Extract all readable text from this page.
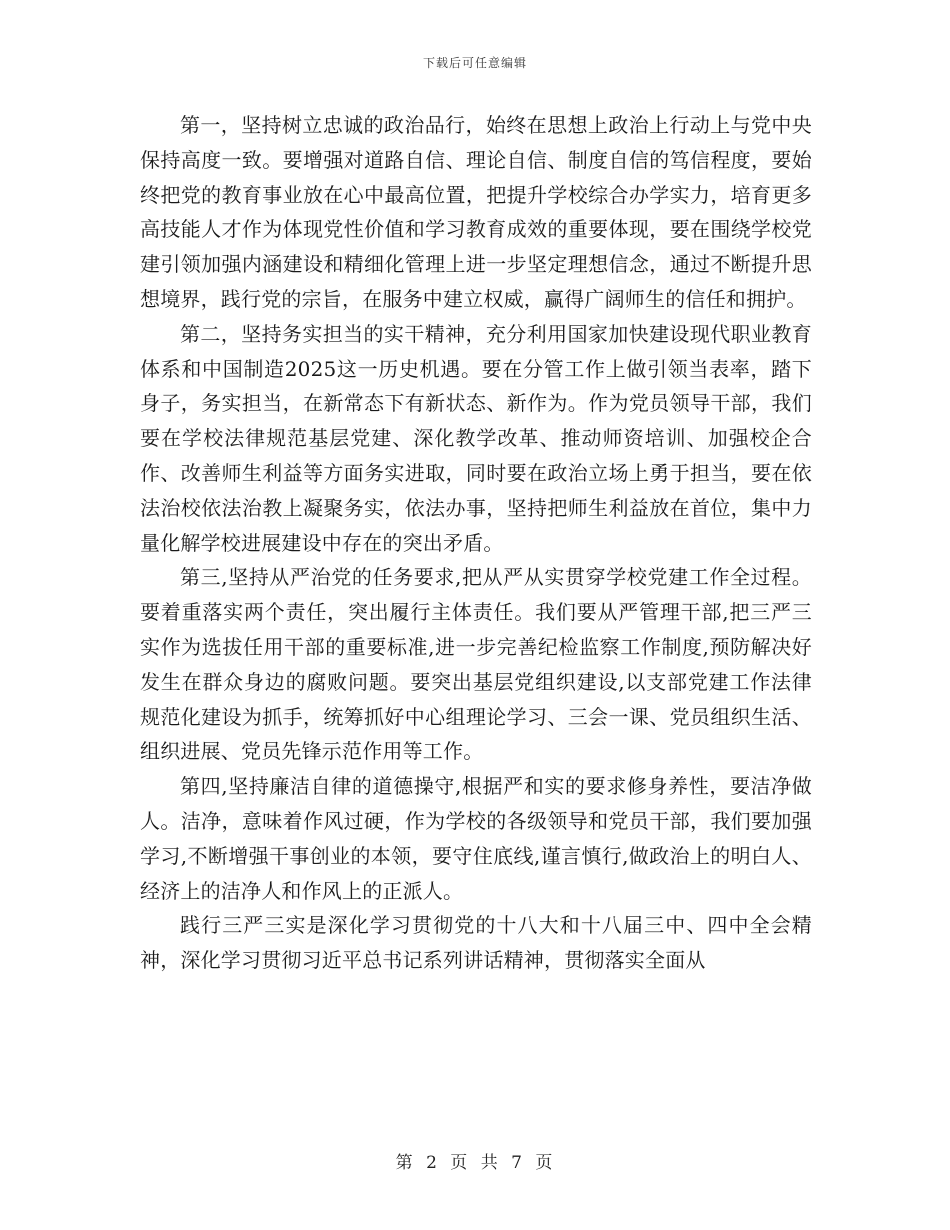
下载后可任意编辑

第一，坚持树立忠诚的政治品行，始终在思想上政治上行动上与党中央保持高度一致。要增强对道路自信、理论自信、制度自信的笃信程度，要始终把党的教育事业放在心中最高位置，把提升学校综合办学实力，培育更多高技能人才作为体现党性价值和学习教育成效的重要体现，要在围绕学校党建引领加强内涵建设和精细化管理上进一步坚定理想信念，通过不断提升思想境界，践行党的宗旨，在服务中建立权威，赢得广阔师生的信任和拥护。

第二，坚持务实担当的实干精神，充分利用国家加快建设现代职业教育体系和中国制造2025这一历史机遇。要在分管工作上做引领当表率，踏下身子，务实担当，在新常态下有新状态、新作为。作为党员领导干部，我们要在学校法律规范基层党建、深化教学改革、推动师资培训、加强校企合作、改善师生利益等方面务实进取，同时要在政治立场上勇于担当，要在依法治校依法治教上凝聚务实，依法办事，坚持把师生利益放在首位，集中力量化解学校进展建设中存在的突出矛盾。

第三,坚持从严治党的任务要求,把从严从实贯穿学校党建工作全过程。要着重落实两个责任，突出履行主体责任。我们要从严管理干部,把三严三实作为选拔任用干部的重要标准,进一步完善纪检监察工作制度,预防解决好发生在群众身边的腐败问题。要突出基层党组织建设,以支部党建工作法律规范化建设为抓手，统筹抓好中心组理论学习、三会一课、党员组织生活、组织进展、党员先锋示范作用等工作。

第四,坚持廉洁自律的道德操守,根据严和实的要求修身养性，要洁净做人。洁净，意味着作风过硬，作为学校的各级领导和党员干部，我们要加强学习,不断增强干事创业的本领，要守住底线,谨言慎行,做政治上的明白人、经济上的洁净人和作风上的正派人。

践行三严三实是深化学习贯彻党的十八大和十八届三中、四中全会精神，深化学习贯彻习近平总书记系列讲话精神，贯彻落实全面从

第 2 页 共 7 页
